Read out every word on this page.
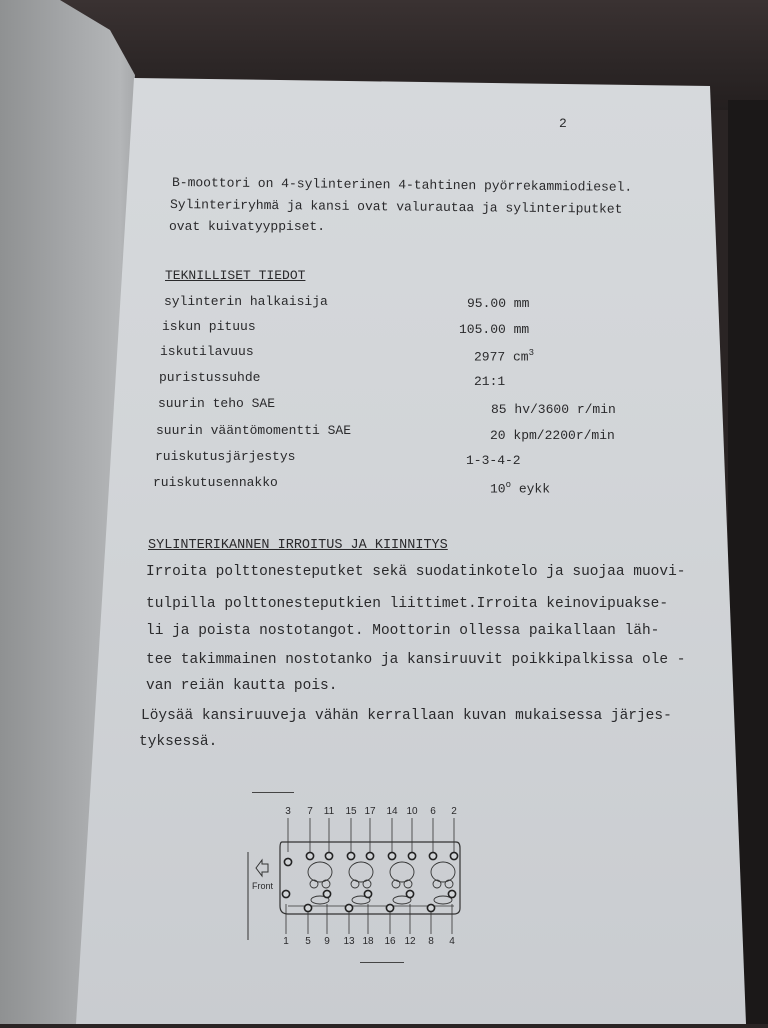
2
B-moottori on 4-sylinterinen 4-tahtinen pyörrekammiodiesel.
Sylinteriryhmä ja kansi ovat valurautaa ja sylinteriputket
ovat kuivatyyppiset.
TEKNILLISET TIEDOT
sylinterin halkaisija	95.00 mm
iskun pituus	105.00 mm
iskutilavuus	2977 $cm^3$
puristussuhde	21:1
suurin teho SAE	85 hv/3600 r/min
suurin vääntömomentti SAE	20 kpm/2200r/min
ruiskutusjärjestys	1-3-4-2
ruiskutusennakko	10$^o$ eykk
SYLINTERIKANNEN IRROITUS JA KIINNITYS
Irroita polttonesteputket sekä suodatinkotelo ja suojaa muovi-
tulpilla polttonesteputkien liittimet.Irroita keinovipuakse-
li ja poista nostotangot. Moottorin ollessa paikallaan läh-
tee takimmainen nostotanko ja kansiruuvit poikkipalkissa ole -
van reiän kautta pois.
Löysää kansiruuveja vähän kerrallaan kuvan mukaisessa järjes-
tyksessä.
3 7 11 15 17 14 10 6 2
1 5 9 13 18 16 12 8 4
Front
